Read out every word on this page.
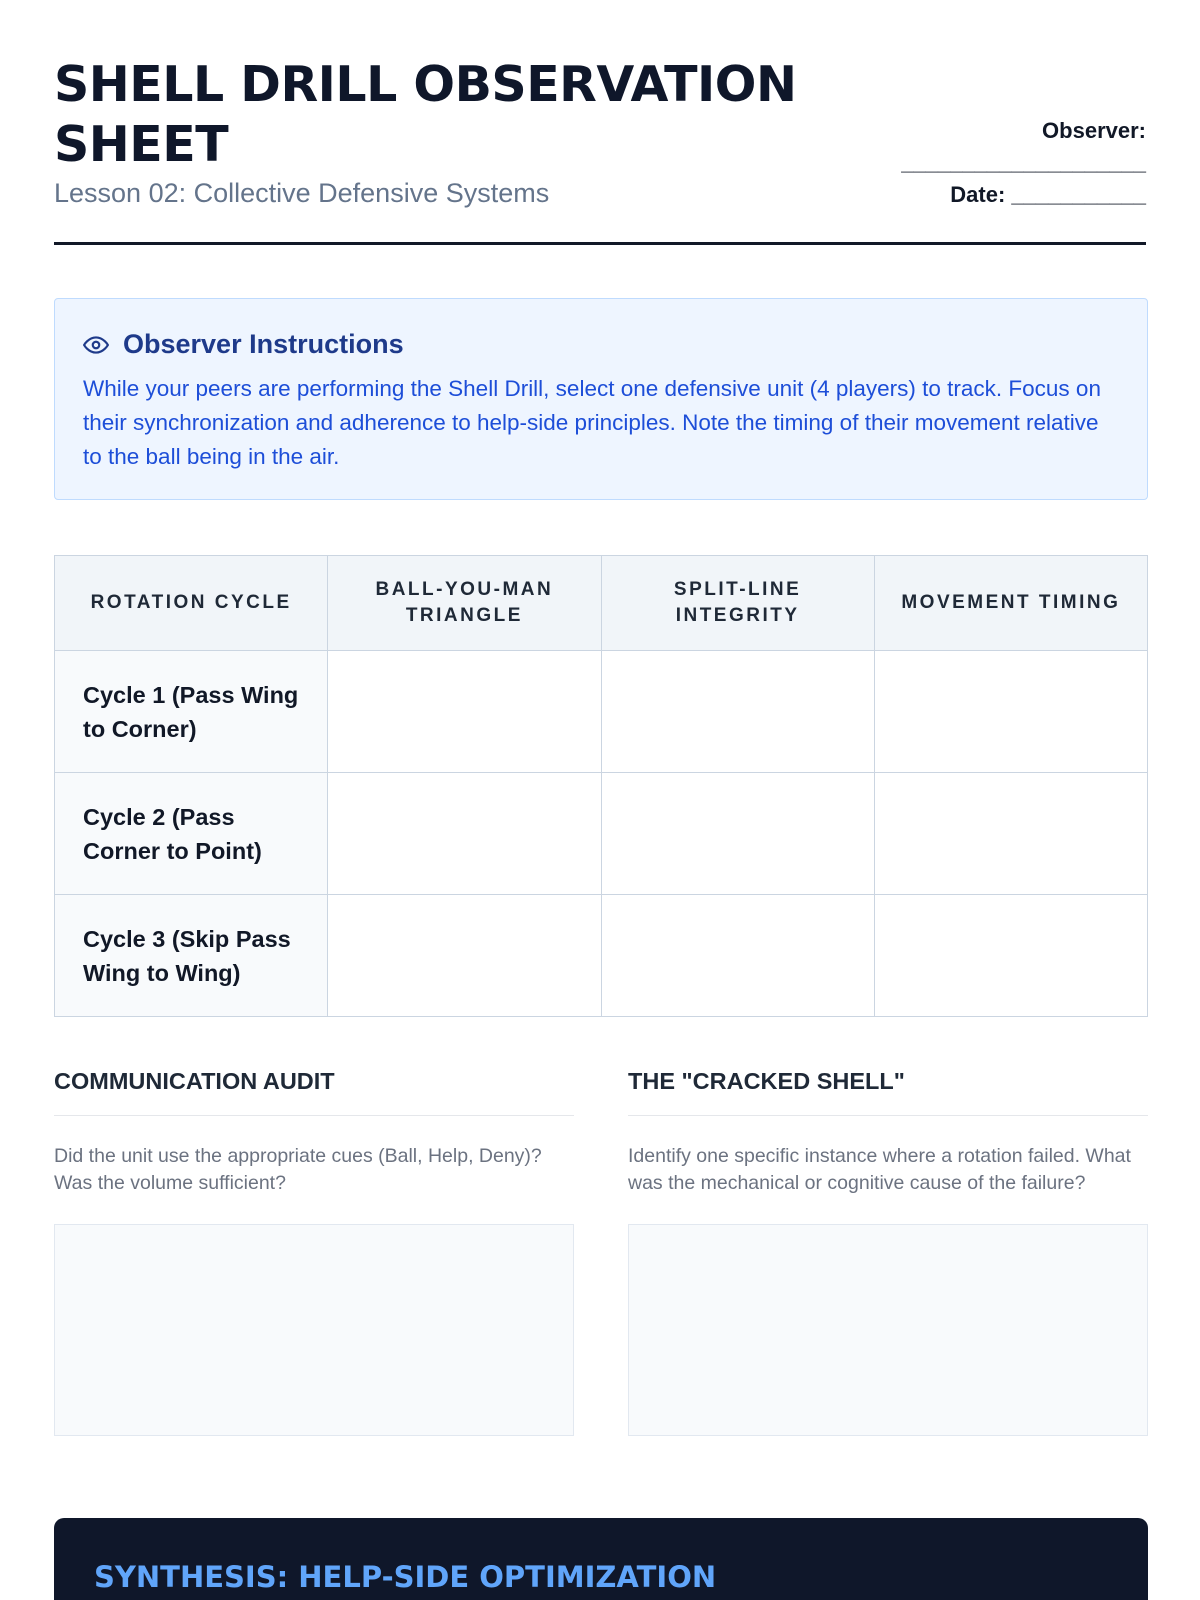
SHELL DRILL OBSERVATION SHEET
Lesson 02: Collective Defensive Systems
Observer:
____________________
Date: ___________
Observer Instructions

While your peers are performing the Shell Drill, select one defensive unit (4 players) to track. Focus on their synchronization and adherence to help-side principles. Note the timing of their movement relative to the ball being in the air.

ROTATION CYCLE	BALL-YOU-MAN TRIANGLE	SPLIT-LINE INTEGRITY	MOVEMENT TIMING
Cycle 1 (Pass Wing to Corner)			
Cycle 2 (Pass Corner to Point)			
Cycle 3 (Skip Pass Wing to Wing)			
COMMUNICATION AUDIT
Did the unit use the appropriate cues (Ball, Help, Deny)? Was the volume sufficient?
THE "CRACKED SHELL"
Identify one specific instance where a rotation failed. What was the mechanical or cognitive cause of the failure?
SYNTHESIS: HELP-SIDE OPTIMIZATION
